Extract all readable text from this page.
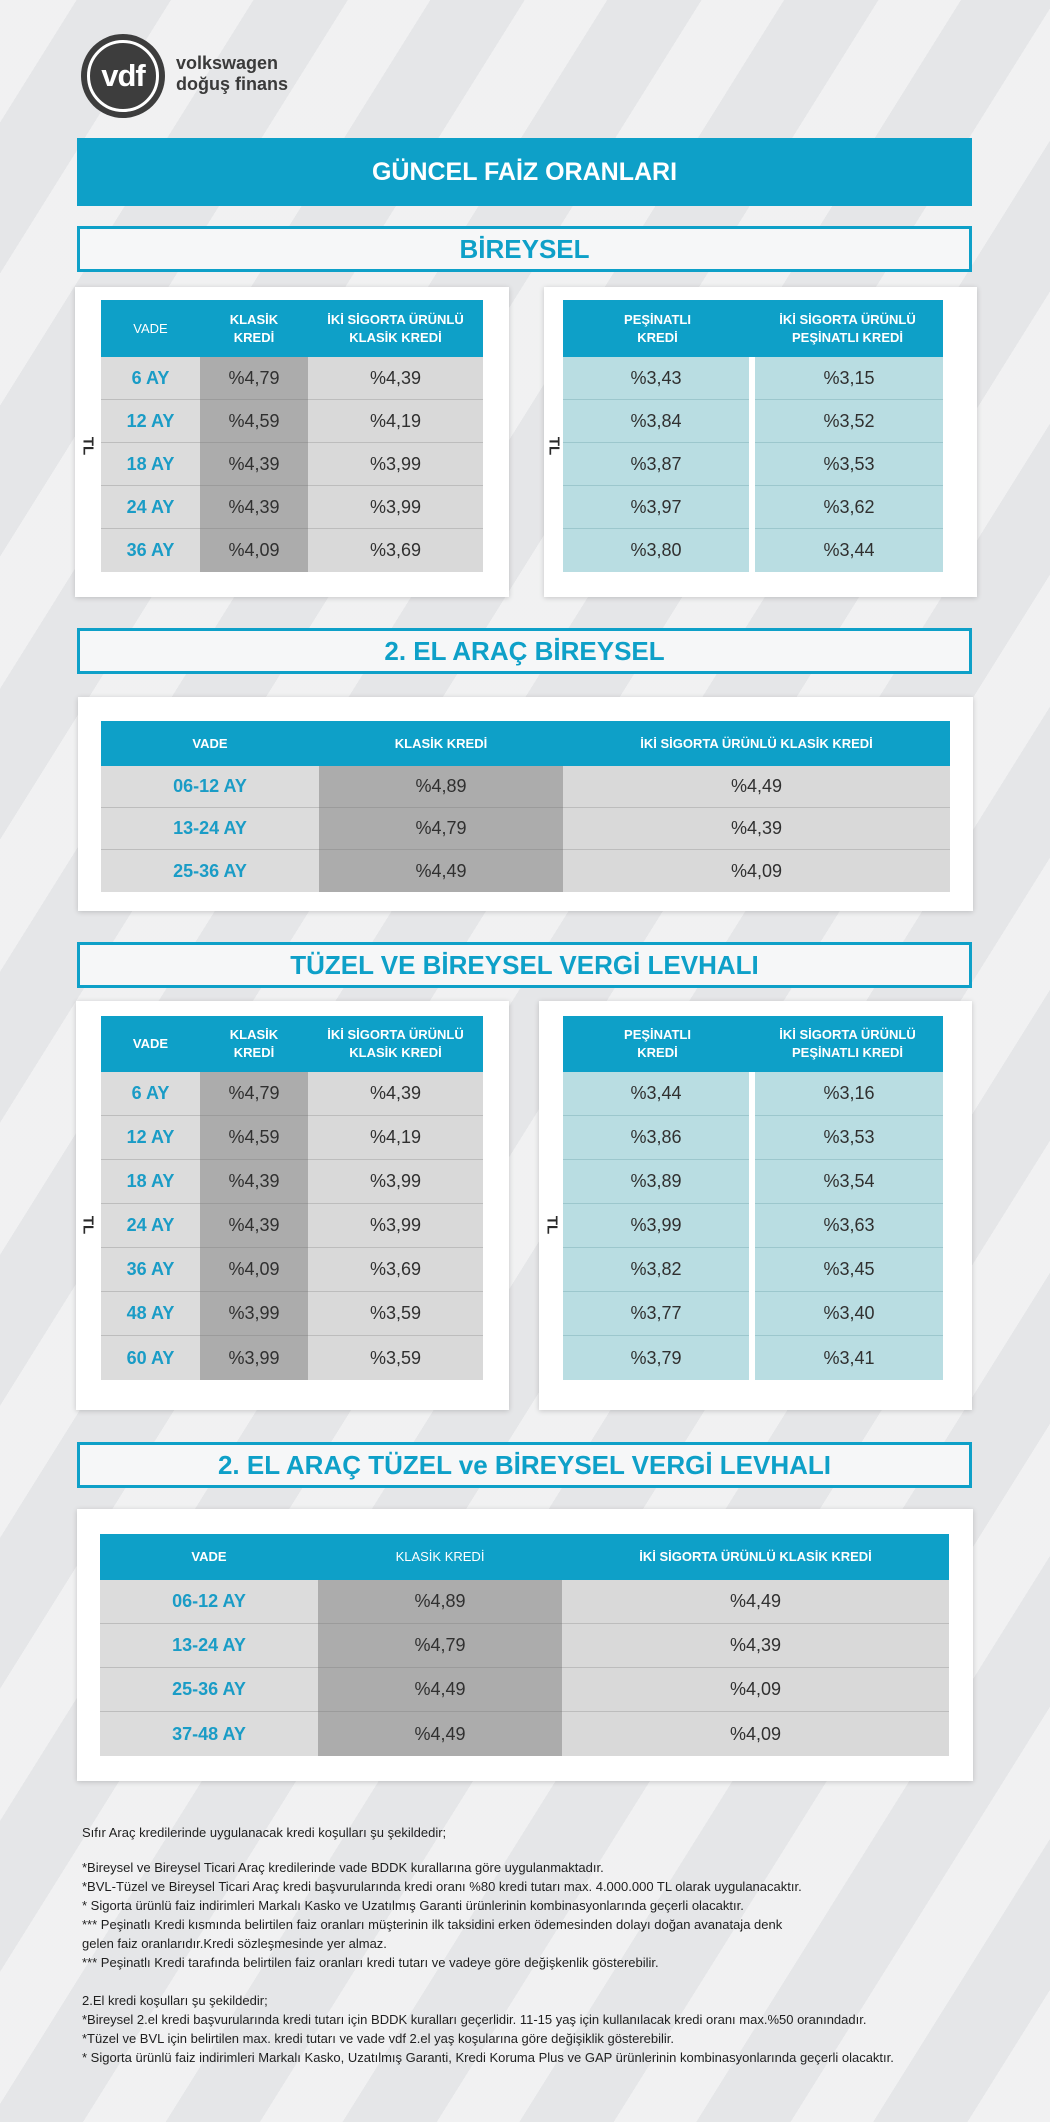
vdf volkswagen
doğuş finans
GÜNCEL FAİZ ORANLARI
BİREYSEL
TL
VADE
KLASİK
KREDİ
İKİ SİGORTA ÜRÜNLÜ
KLASİK KREDİ
6 AY	%4,79	%4,39
12 AY	%4,59	%4,19
18 AY	%4,39	%3,99
24 AY	%4,39	%3,99
36 AY	%4,09	%3,69
TL
PEŞİNATLI
KREDİ
İKİ SİGORTA ÜRÜNLÜ
PEŞİNATLI KREDİ
%3,43	%3,15
%3,84	%3,52
%3,87	%3,53
%3,97	%3,62
%3,80	%3,44
2. EL ARAÇ BİREYSEL
VADE	KLASİK KREDİ	İKİ SİGORTA ÜRÜNLÜ KLASİK KREDİ
06-12 AY	%4,89	%4,49
13-24 AY	%4,79	%4,39
25-36 AY	%4,49	%4,09
TÜZEL VE BİREYSEL VERGİ LEVHALI
TL
VADE
KLASİK
KREDİ
İKİ SİGORTA ÜRÜNLÜ
KLASİK KREDİ
6 AY	%4,79	%4,39
12 AY	%4,59	%4,19
18 AY	%4,39	%3,99
24 AY	%4,39	%3,99
36 AY	%4,09	%3,69
48 AY	%3,99	%3,59
60 AY	%3,99	%3,59
TL
PEŞİNATLI
KREDİ
İKİ SİGORTA ÜRÜNLÜ
PEŞİNATLI KREDİ
%3,44	%3,16
%3,86	%3,53
%3,89	%3,54
%3,99	%3,63
%3,82	%3,45
%3,77	%3,40
%3,79	%3,41
2. EL ARAÇ TÜZEL ve BİREYSEL VERGİ LEVHALI
VADE	KLASİK KREDİ	İKİ SİGORTA ÜRÜNLÜ KLASİK KREDİ
06-12 AY	%4,89	%4,49
13-24 AY	%4,79	%4,39
25-36 AY	%4,49	%4,09
37-48 AY	%4,49	%4,09
Sıfır Araç kredilerinde uygulanacak kredi koşulları şu şekildedir;
*Bireysel ve Bireysel Ticari Araç kredilerinde vade BDDK kurallarına göre uygulanmaktadır.
*BVL-Tüzel ve Bireysel Ticari Araç kredi başvurularında kredi oranı %80 kredi tutarı max. 4.000.000 TL olarak uygulanacaktır.
* Sigorta ürünlü faiz indirimleri Markalı Kasko ve Uzatılmış Garanti ürünlerinin kombinasyonlarında geçerli olacaktır.
*** Peşinatlı Kredi kısmında belirtilen faiz oranları müşterinin ilk taksidini erken ödemesinden dolayı doğan avanataja denk
gelen faiz oranlarıdır.Kredi sözleşmesinde yer almaz.
*** Peşinatlı Kredi tarafında belirtilen faiz oranları kredi tutarı ve vadeye göre değişkenlik gösterebilir.
2.El kredi koşulları şu şekildedir;
*Bireysel 2.el kredi başvurularında kredi tutarı için BDDK kuralları geçerlidir. 11-15 yaş için kullanılacak kredi oranı max.%50 oranındadır.
*Tüzel ve BVL için belirtilen max. kredi tutarı ve vade vdf 2.el yaş koşularına göre değişiklik gösterebilir.
* Sigorta ürünlü faiz indirimleri Markalı Kasko, Uzatılmış Garanti, Kredi Koruma Plus ve GAP ürünlerinin kombinasyonlarında geçerli olacaktır.
